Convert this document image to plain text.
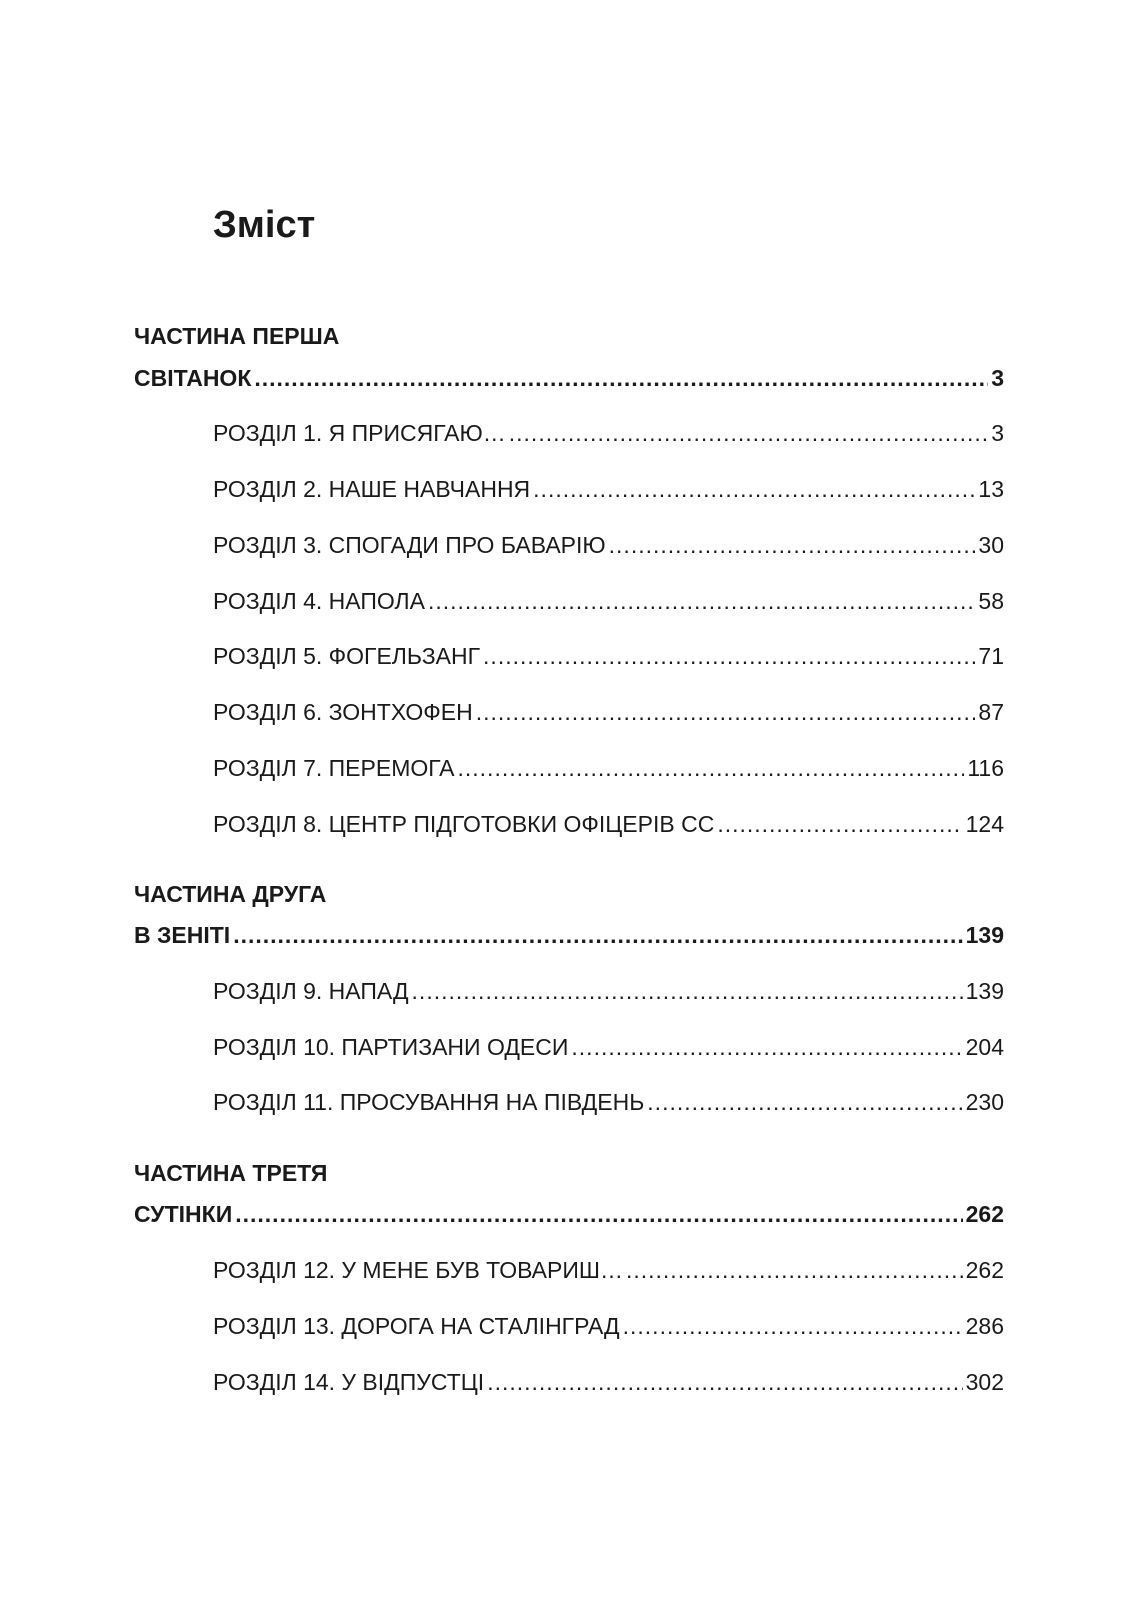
Зміст
ЧАСТИНА ПЕРША
СВІТАНОК .....	3
РОЗДІЛ 1. Я ПРИСЯГАЮ… .....	3
РОЗДІЛ 2. НАШЕ НАВЧАННЯ .....	13
РОЗДІЛ 3. СПОГАДИ ПРО БАВАРІЮ .....	30
РОЗДІЛ 4. НАПОЛА .....	58
РОЗДІЛ 5. ФОГЕЛЬЗАНГ .....	71
РОЗДІЛ 6. ЗОНТХОФЕН .....	87
РОЗДІЛ 7. ПЕРЕМОГА .....	116
РОЗДІЛ 8. ЦЕНТР ПІДГОТОВКИ ОФІЦЕРІВ СС .....	124
ЧАСТИНА ДРУГА
В ЗЕНІТІ .....	139
РОЗДІЛ 9. НАПАД .....	139
РОЗДІЛ 10. ПАРТИЗАНИ ОДЕСИ .....	204
РОЗДІЛ 11. ПРОСУВАННЯ НА ПІВДЕНЬ .....	230
ЧАСТИНА ТРЕТЯ
СУТІНКИ .....	262
РОЗДІЛ 12. У МЕНЕ БУВ ТОВАРИШ… .....	262
РОЗДІЛ 13. ДОРОГА НА СТАЛІНГРАД .....	286
РОЗДІЛ 14. У ВІДПУСТЦІ .....	302
